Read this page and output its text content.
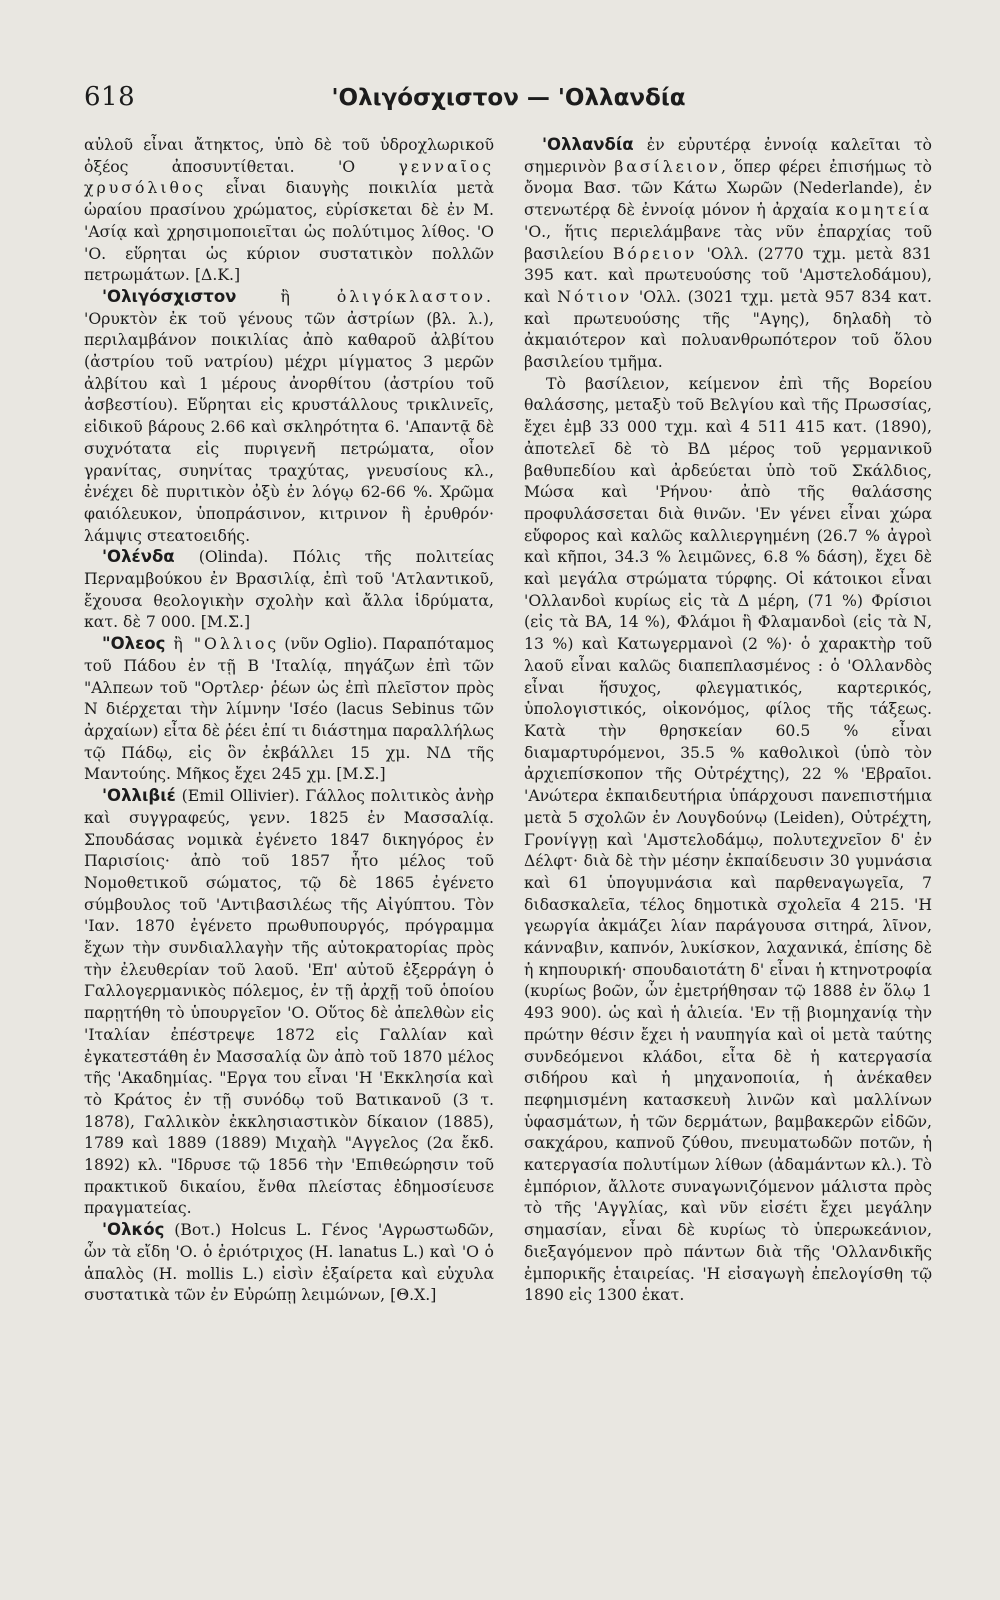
618	'Ολιγόσχιστον — 'Ολλανδία

αὐλοῦ εἶναι ἄτηκτος, ὑπὸ δὲ τοῦ ὑδροχλωρικοῦ ὀξέος ἀποσυντίθεται. 'Ο γενναῖος χρυσόλιθος εἶναι διαυγὴς ποικιλία μετὰ ὡραίου πρασίνου χρώματος, εὑρίσκεται δὲ ἐν Μ. 'Ασίᾳ καὶ χρησιμοποιεῖται ὡς πολύτιμος λίθος. 'Ο 'Ο. εὕρηται ὡς κύριον συστατικὸν πολλῶν πετρωμάτων. [Δ.Κ.]

'Ολιγόσχιστον ἢ ὀλιγόκλαστον. 'Ορυκτὸν ἐκ τοῦ γένους τῶν ἀστρίων (βλ. λ.), περιλαμβάνον ποικιλίας ἀπὸ καθαροῦ ἀλβίτου (ἀστρίου τοῦ νατρίου) μέχρι μίγματος 3 μερῶν ἀλβίτου καὶ 1 μέρους ἀνορθίτου (ἀστρίου τοῦ ἀσβεστίου). Εὕρηται εἰς κρυστάλλους τρικλινεῖς, εἰδικοῦ βάρους 2.66 καὶ σκληρότητα 6. 'Απαντᾷ δὲ συχνότατα εἰς πυριγενῆ πετρώματα, οἷον γρανίτας, συηνίτας τραχύτας, γνευσίους κλ., ἐνέχει δὲ πυριτικὸν ὀξὺ ἐν λόγῳ 62-66 %. Χρῶμα φαιόλευκον, ὑποπράσινον, κιτρινον ἢ ἐρυθρόν· λάμψις στεατοειδής.

'Ολένδα (Olinda). Πόλις τῆς πολιτείας Περναμβούκου ἐν Βρασιλίᾳ, ἐπὶ τοῦ 'Ατλαντικοῦ, ἔχουσα θεολογικὴν σχολὴν καὶ ἄλλα ἱδρύματα, κατ. δὲ 7 000. [Μ.Σ.]

"Ολεος ἢ "Ολλιος (νῦν Oglio). Παραπόταμος τοῦ Πάδου ἐν τῇ Β 'Ιταλίᾳ, πηγάζων ἐπὶ τῶν "Αλπεων τοῦ "Ορτλερ· ῥέων ὡς ἐπὶ πλεῖστον πρὸς Ν διέρχεται τὴν λίμνην 'Ισέο (lacus Sebinus τῶν ἀρχαίων) εἶτα δὲ ῥέει ἐπί τι διάστημα παραλλήλως τῷ Πάδῳ, εἰς ὃν ἐκβάλλει 15 χμ. ΝΔ τῆς Μαντούης. Μῆκος ἔχει 245 χμ. [Μ.Σ.]

'Ολλιβιέ (Emil Ollivier). Γάλλος πολιτικὸς ἀνὴρ καὶ συγγραφεύς, γενν. 1825 ἐν Μασσαλίᾳ. Σπουδάσας νομικὰ ἐγένετο 1847 δικηγόρος ἐν Παρισίοις· ἀπὸ τοῦ 1857 ἦτο μέλος τοῦ Νομοθετικοῦ σώματος, τῷ δὲ 1865 ἐγένετο σύμβουλος τοῦ 'Αντιβασιλέως τῆς Αἰγύπτου. Τὸν 'Ιαν. 1870 ἐγένετο πρωθυπουργός, πρόγραμμα ἔχων τὴν συνδιαλλαγὴν τῆς αὐτοκρατορίας πρὸς τὴν ἐλευθερίαν τοῦ λαοῦ. 'Επ' αὐτοῦ ἐξερράγη ὁ Γαλλογερμανικὸς πόλεμος, ἐν τῇ ἀρχῇ τοῦ ὁποίου παρῃτήθη τὸ ὑπουργεῖον 'Ο. Οὕτος δὲ ἀπελθὼν εἰς 'Ιταλίαν ἐπέστρεψε 1872 εἰς Γαλλίαν καὶ ἐγκατεστάθη ἐν Μασσαλίᾳ ὢν ἀπὸ τοῦ 1870 μέλος τῆς 'Ακαδημίας. "Εργα του εἶναι 'Η 'Εκκλησία καὶ τὸ Κράτος ἐν τῇ συνόδῳ τοῦ Βατικανοῦ (3 τ. 1878), Γαλλικὸν ἐκκλησιαστικὸν δίκαιον (1885), 1789 καὶ 1889 (1889) Μιχαὴλ "Αγγελος (2α ἔκδ. 1892) κλ. "Ιδρυσε τῷ 1856 τὴν 'Επιθεώρησιν τοῦ πρακτικοῦ δικαίου, ἔνθα πλείστας ἐδημοσίευσε πραγματείας.

'Ολκός (Βοτ.) Holcus L. Γένος 'Αγρωστωδῶν, ὧν τὰ εἴδη 'Ο. ὁ ἐριότριχος (H. lanatus L.) καὶ 'Ο ὁ ἁπαλὸς (H. mollis L.) εἰσὶν ἐξαίρετα καὶ εὐχυλα συστατικὰ τῶν ἐν Εὐρώπῃ λειμώνων, [Θ.Χ.]

'Ολλανδία ἐν εὐρυτέρᾳ ἐννοίᾳ καλεῖται τὸ σημερινὸν βασίλειον, ὅπερ φέρει ἐπισήμως τὸ ὄνομα Βασ. τῶν Κάτω Χωρῶν (Nederlande), ἐν στενωτέρᾳ δὲ ἐννοίᾳ μόνον ἡ ἀρχαία κομητεία 'Ο., ἥτις περιελάμβανε τὰς νῦν ἐπαρχίας τοῦ βασιλείου Βόρειον 'Ολλ. (2770 τχμ. μετὰ 831 395 κατ. καὶ πρωτευούσης τοῦ 'Αμστελοδάμου), καὶ Νότιον 'Ολλ. (3021 τχμ. μετὰ 957 834 κατ. καὶ πρωτευούσης τῆς "Αγης), δηλαδὴ τὸ ἀκμαιότερον καὶ πολυανθρωπότερον τοῦ ὅλου βασιλείου τμῆμα.

Τὸ βασίλειον, κείμενον ἐπὶ τῆς Βορείου θαλάσσης, μεταξὺ τοῦ Βελγίου καὶ τῆς Πρωσσίας, ἔχει ἐμβ 33 000 τχμ. καὶ 4 511 415 κατ. (1890), ἀποτελεῖ δὲ τὸ ΒΔ μέρος τοῦ γερμανικοῦ βαθυπεδίου καὶ ἀρδεύεται ὑπὸ τοῦ Σκάλδιος, Μώσα καὶ 'Ρήνου· ἀπὸ τῆς θαλάσσης προφυλάσσεται διὰ θινῶν. 'Εν γένει εἶναι χώρα εὔφορος καὶ καλῶς καλλιεργημένη (26.7 % ἀγροὶ καὶ κῆποι, 34.3 % λειμῶνες, 6.8 % δάση), ἔχει δὲ καὶ μεγάλα στρώματα τύρφης. Οἱ κάτοικοι εἶναι 'Ολλανδοὶ κυρίως εἰς τὰ Δ μέρη, (71 %) Φρίσιοι (εἰς τὰ ΒΑ, 14 %), Φλάμοι ἢ Φλαμανδοὶ (εἰς τὰ Ν, 13 %) καὶ Κατωγερμανοὶ (2 %)· ὁ χαρακτὴρ τοῦ λαοῦ εἶναι καλῶς διαπεπλασμένος : ὁ 'Ολλανδὸς εἶναι ἥσυχος, φλεγματικός, καρτερικός, ὑπολογιστικός, οἰκονόμος, φίλος τῆς τάξεως. Κατὰ τὴν θρησκείαν 60.5 % εἶναι διαμαρτυρόμενοι, 35.5 % καθολικοὶ (ὑπὸ τὸν ἀρχιεπίσκοπον τῆς Οὐτρέχτης), 22 % 'Εβραῖοι. 'Ανώτερα ἐκπαιδευτήρια ὑπάρχουσι πανεπιστήμια μετὰ 5 σχολῶν ἐν Λουγδούνῳ (Leiden), Οὐτρέχτη, Γρονίγγῃ καὶ 'Αμστελοδάμῳ, πολυτεχνεῖον δ' ἐν Δέλφτ· διὰ δὲ τὴν μέσην ἐκπαίδευσιν 30 γυμνάσια καὶ 61 ὑπογυμνάσια καὶ παρθεναγωγεῖα, 7 διδασκαλεῖα, τέλος δημοτικὰ σχολεῖα 4 215. 'Η γεωργία ἀκμάζει λίαν παράγουσα σιτηρά, λῖνον, κάνναβιν, καπνόν, λυκίσκον, λαχανικά, ἐπίσης δὲ ἡ κηπουρική· σπουδαιοτάτη δ' εἶναι ἡ κτηνοτροφία (κυρίως βοῶν, ὧν ἐμετρήθησαν τῷ 1888 ἐν ὅλῳ 1 493 900). ὡς καὶ ἡ ἁλιεία. 'Εν τῇ βιομηχανίᾳ τὴν πρώτην θέσιν ἔχει ἡ ναυπηγία καὶ οἱ μετὰ ταύτης συνδεόμενοι κλάδοι, εἶτα δὲ ἡ κατεργασία σιδήρου καὶ ἡ μηχανοποιία, ἡ ἀνέκαθεν πεφημισμένη κατασκευὴ λινῶν καὶ μαλλίνων ὑφασμάτων, ἡ τῶν δερμάτων, βαμβακερῶν εἰδῶν, σακχάρου, καπνοῦ ζύθου, πνευματωδῶν ποτῶν, ἡ κατεργασία πολυτίμων λίθων (ἀδαμάντων κλ.). Τὸ ἐμπόριον, ἄλλοτε συναγωνιζόμενον μάλιστα πρὸς τὸ τῆς 'Αγγλίας, καὶ νῦν εἰσέτι ἔχει μεγάλην σημασίαν, εἶναι δὲ κυρίως τὸ ὑπερωκεάνιον, διεξαγόμενον πρὸ πάντων διὰ τῆς 'Ολλανδικῆς ἐμπορικῆς ἑταιρείας. 'Η εἰσαγωγὴ ἐπελογίσθη τῷ 1890 εἰς 1300 ἑκατ.
